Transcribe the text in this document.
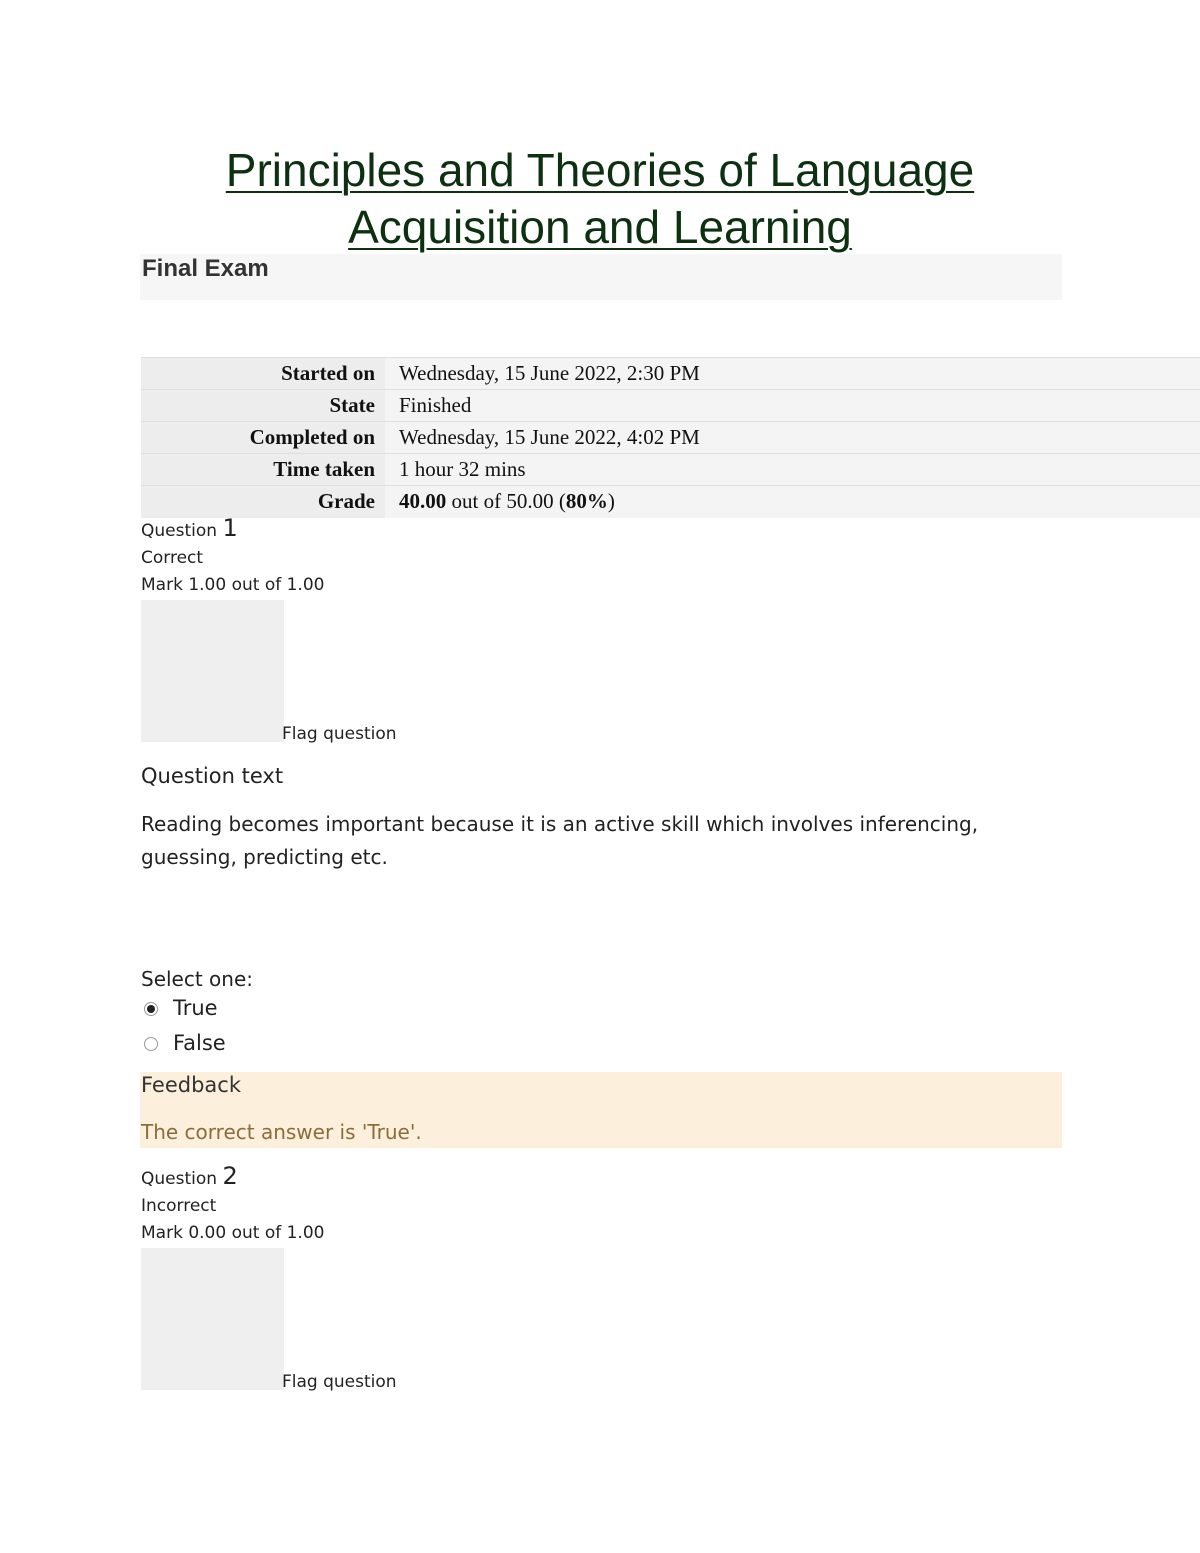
Principles and Theories of Language Acquisition and Learning
Final Exam
Started on	Wednesday, 15 June 2022, 2:30 PM
State	Finished
Completed on	Wednesday, 15 June 2022, 4:02 PM
Time taken	1 hour 32 mins
Grade	40.00 out of 50.00 (80%)
Question 1
Correct
Mark 1.00 out of 1.00
Flag question
Question text
Reading becomes important because it is an active skill which involves inferencing, guessing, predicting etc.
Select one:
True
False
Feedback
The correct answer is 'True'.
Question 2
Incorrect
Mark 0.00 out of 1.00
Flag question
